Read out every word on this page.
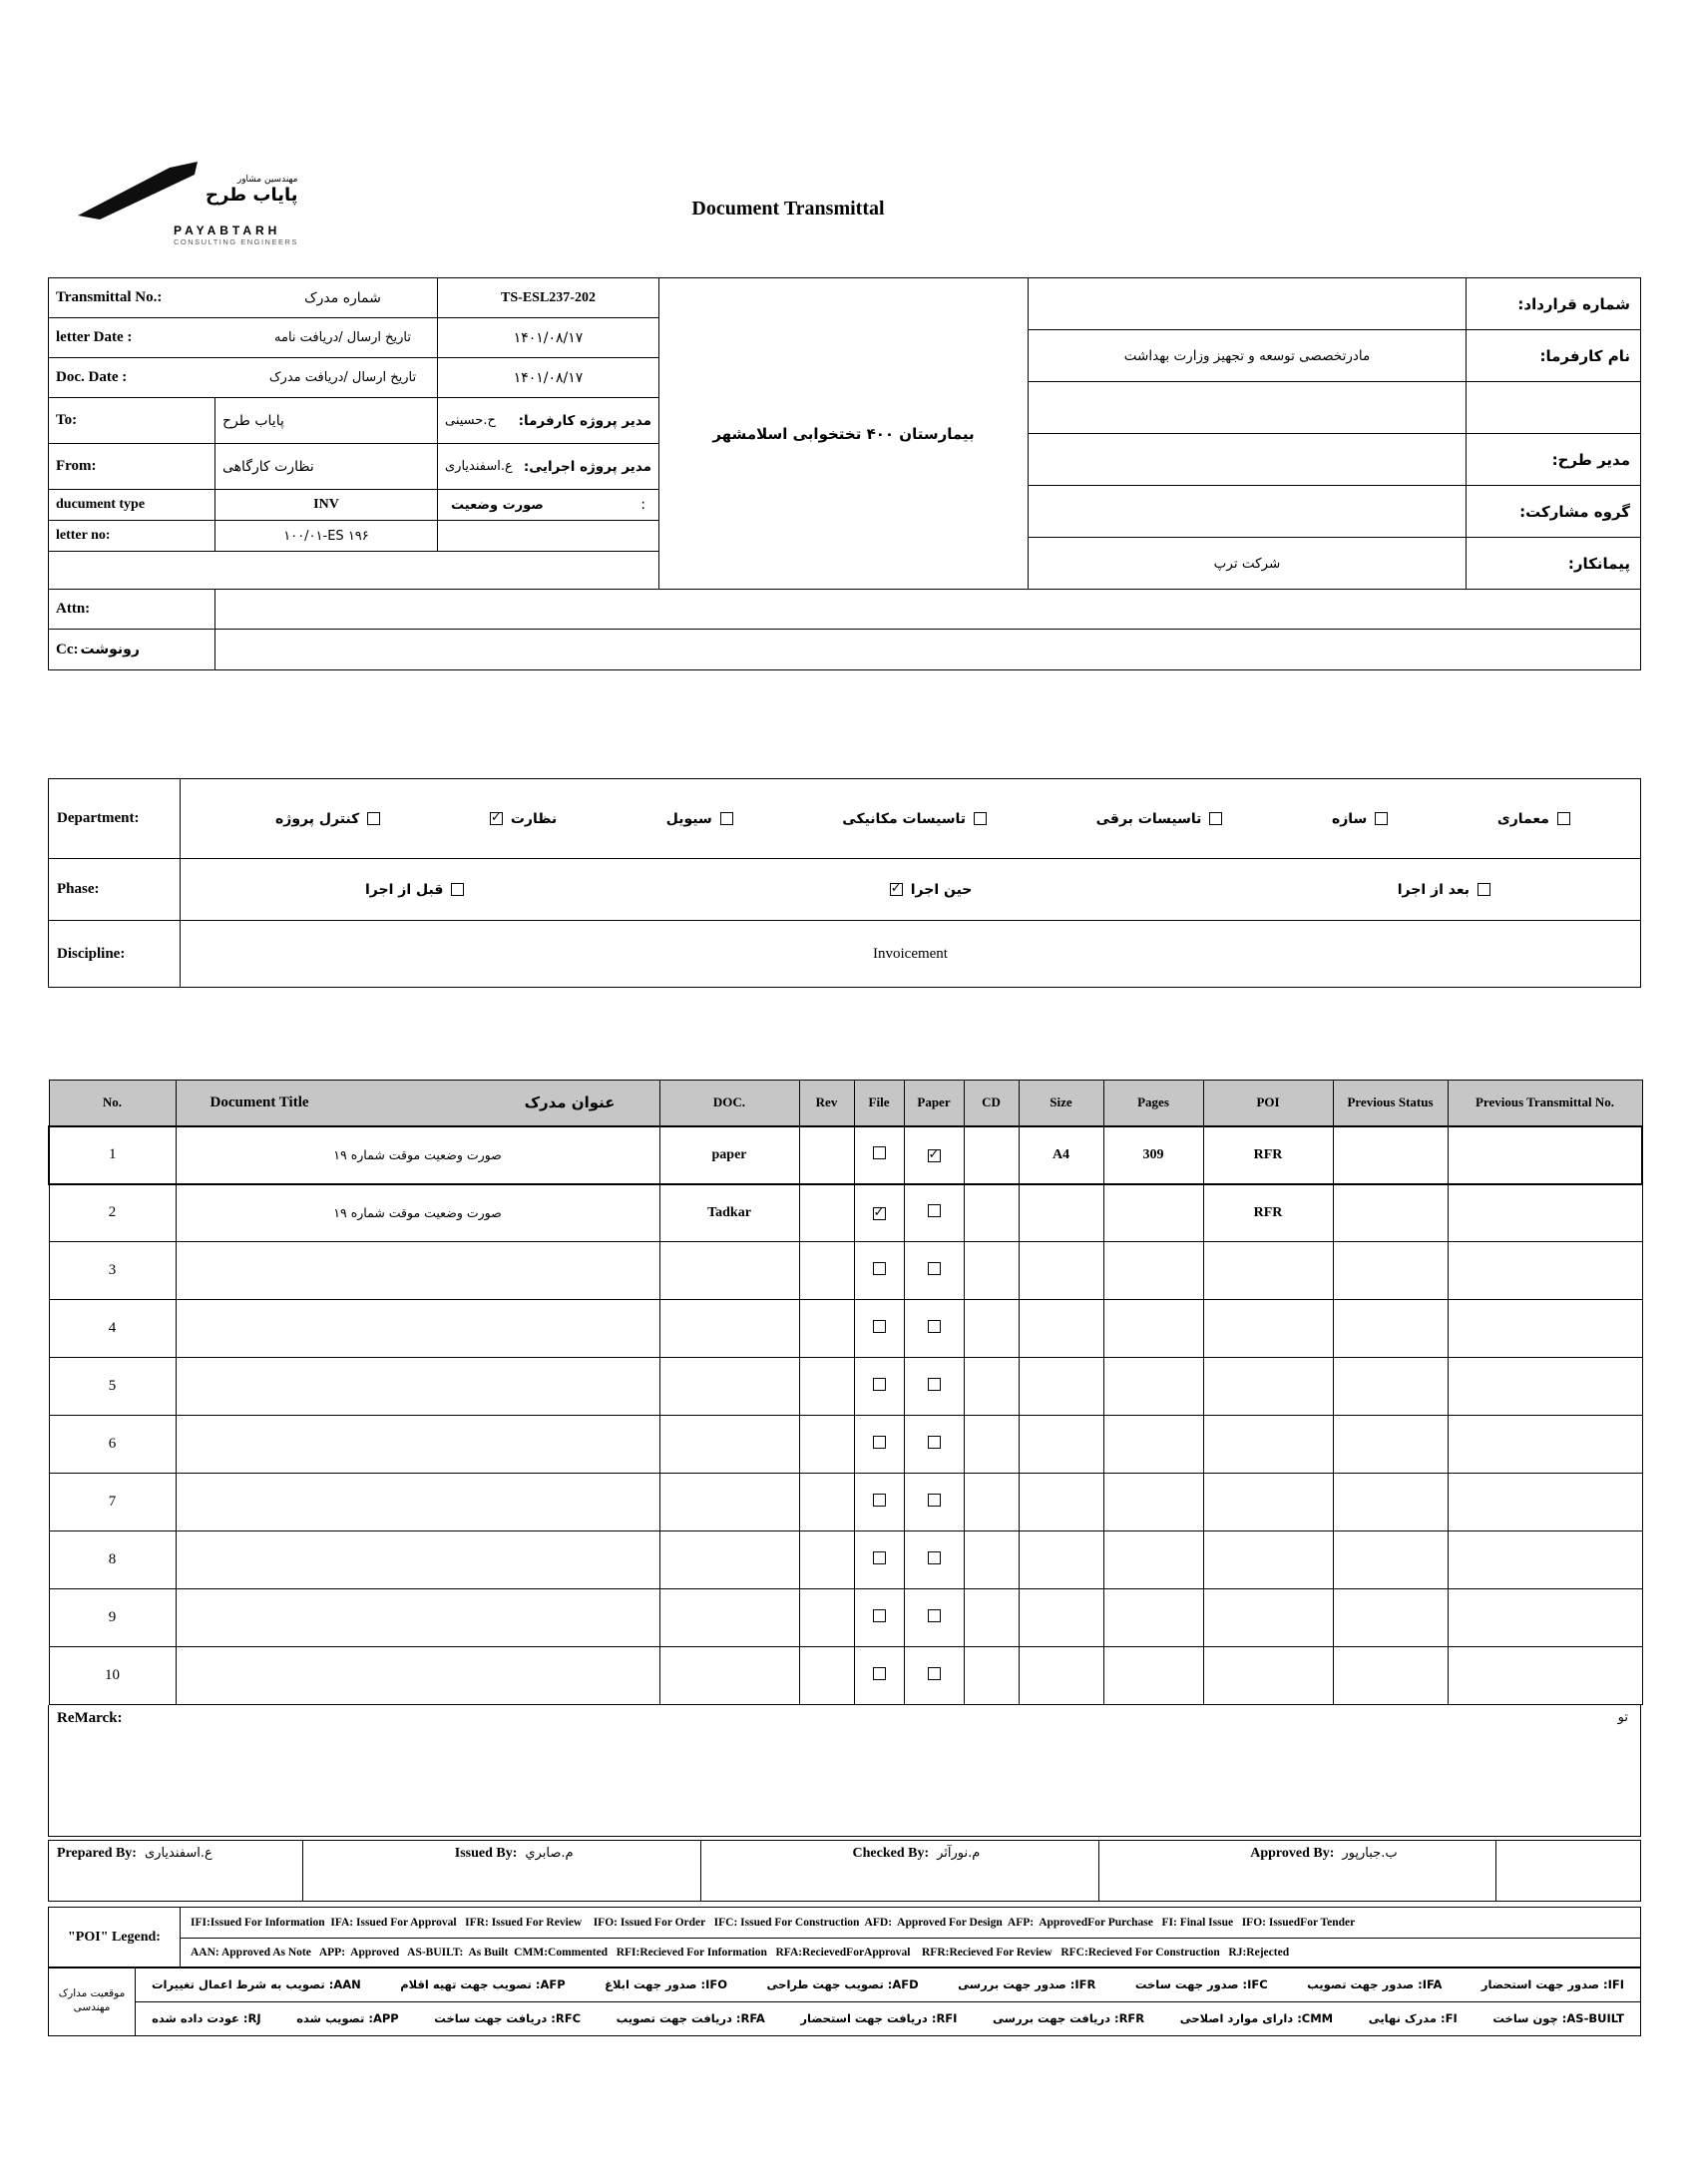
مهندسین مشاور
پایاب طرح
PAYABTARH
CONSULTING ENGINEERS
Document Transmittal
Transmittal No.:	شماره مدرک	TS-ESL237-202
letter Date :	تاریخ ارسال /دریافت نامه	۱۴۰۱/۰۸/۱۷
Doc. Date :	تاریخ ارسال /دریافت مدرک	۱۴۰۱/۰۸/۱۷
To:	پایاب طرح	ح.حسینی مدیر پروژه کارفرما:
From:	نظارت کارگاهی	ع.اسفندیاری مدیر پروژه اجرایی:
ducument type	INV	صورت وضعیت	:
letter no:	۱۰۰/۰۱-ES ۱۹۶
بیمارستان ۴۰۰ تختخوابی اسلامشهر
شماره قرارداد:
مادرتخصصی توسعه و تجهیز وزارت بهداشت	نام کارفرما:
مدیر طرح:
گروه مشارکت:
شرکت ترپ	پیمانکار:
Attn:
Cc: رونوشت
Department:	کنترل پروژه	نظارت ✓	سیویل	تاسیسات مکانیکی	تاسیسات برقی	سازه	معماری
Phase:	قبل از اجرا	حین اجرا ✓	بعد از اجرا
Discipline:	Invoicement
No.	Document Title عنوان مدرک	DOC.	Rev	File	Paper	CD	Size	Pages	POI	Previous Status	Previous Transmittal No.
1	صورت وضعیت موقت شماره ۱۹	paper			✓		A4	309	RFR		
2	صورت وضعیت موقت شماره ۱۹	Tadkar		✓					RFR		
3											
4											
5											
6											
7											
8											
9											
10											
ReMarck:	تو
Prepared By: ع.اسفندیاری	Issued By: م.صابري	Checked By: م.نورآثر	Approved By: ب.جبارپور
"POI" Legend:
IFI:Issued For Information  IFA: Issued For Approval   IFR: Issued For Review    IFO: Issued For Order   IFC: Issued For Construction  AFD:  Approved For Design  AFP:  ApprovedFor Purchase   FI: Final Issue   IFO: IssuedFor Tender
AAN: Approved As Note   APP:  Approved   AS-BUILT:  As Built  CMM:Commented   RFI:Recieved For Information   RFA:RecievedForApproval    RFR:Recieved For Review   RFC:Recieved For Construction   RJ:Rejected
موقعیت مدارک مهندسی
IFI: صدور جهت استحضار
IFA: صدور جهت تصویب
IFC: صدور جهت ساخت
IFR: صدور جهت بررسی
AFD: تصویب جهت طراحی
IFO: صدور جهت ابلاغ
AFP: تصویب جهت تهیه اقلام
AAN: تصویب به شرط اعمال تغییرات
AS-BUILT: چون ساخت
FI: مدرک نهایی
CMM: دارای موارد اصلاحی
RFR: دریافت جهت بررسی
RFI: دریافت جهت استحضار
RFA: دریافت جهت تصویب
RFC: دریافت جهت ساخت
APP: تصویب شده
RJ: عودت داده شده
